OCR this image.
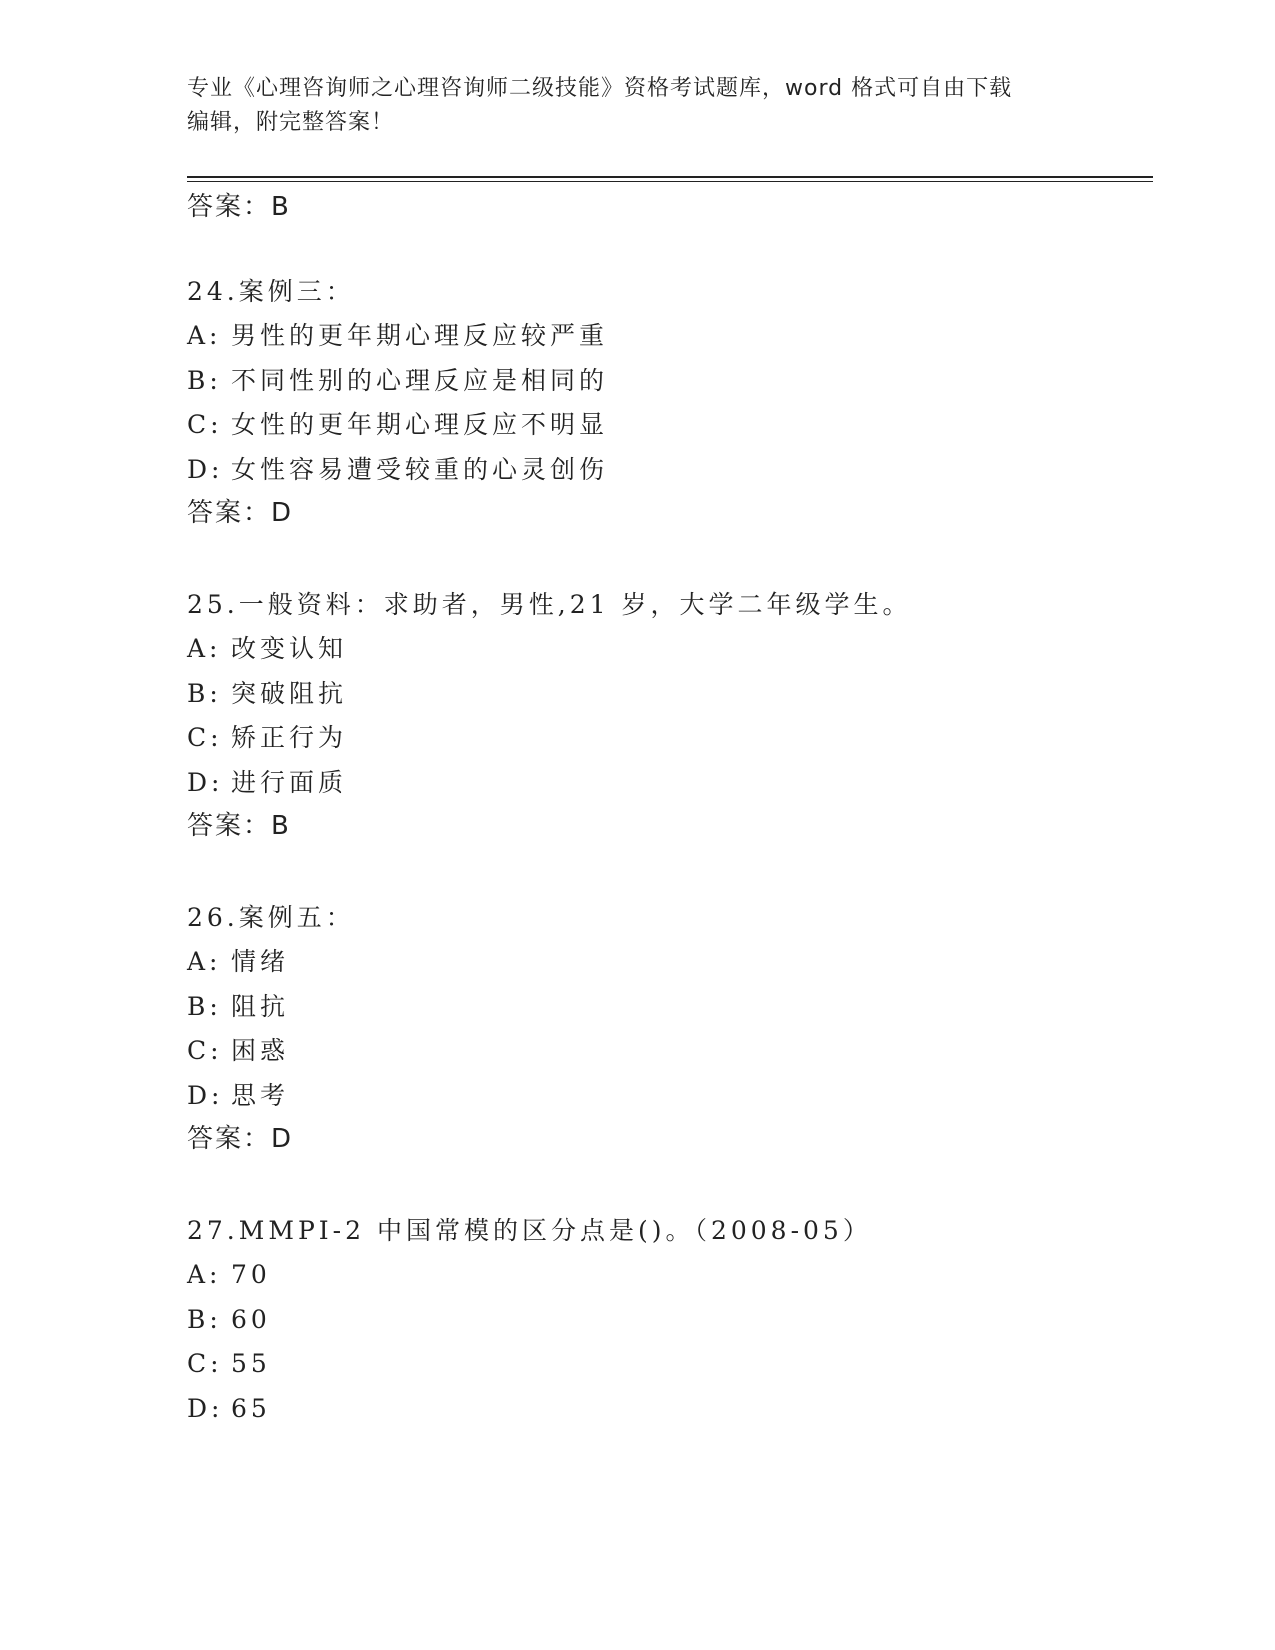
专业《心理咨询师之心理咨询师二级技能》资格考试题库，word 格式可自由下载
编辑，附完整答案！
答案：B
24.案例三：
A: 男性的更年期心理反应较严重
B: 不同性别的心理反应是相同的
C: 女性的更年期心理反应不明显
D: 女性容易遭受较重的心灵创伤
答案：D
25.一般资料：求助者，男性,21 岁，大学二年级学生。
A: 改变认知
B: 突破阻抗
C: 矫正行为
D: 进行面质
答案：B
26.案例五：
A: 情绪
B: 阻抗
C: 困惑
D: 思考
答案：D
27.MMPI-2 中国常模的区分点是()。（2008-05）
A: 70
B: 60
C: 55
D: 65
